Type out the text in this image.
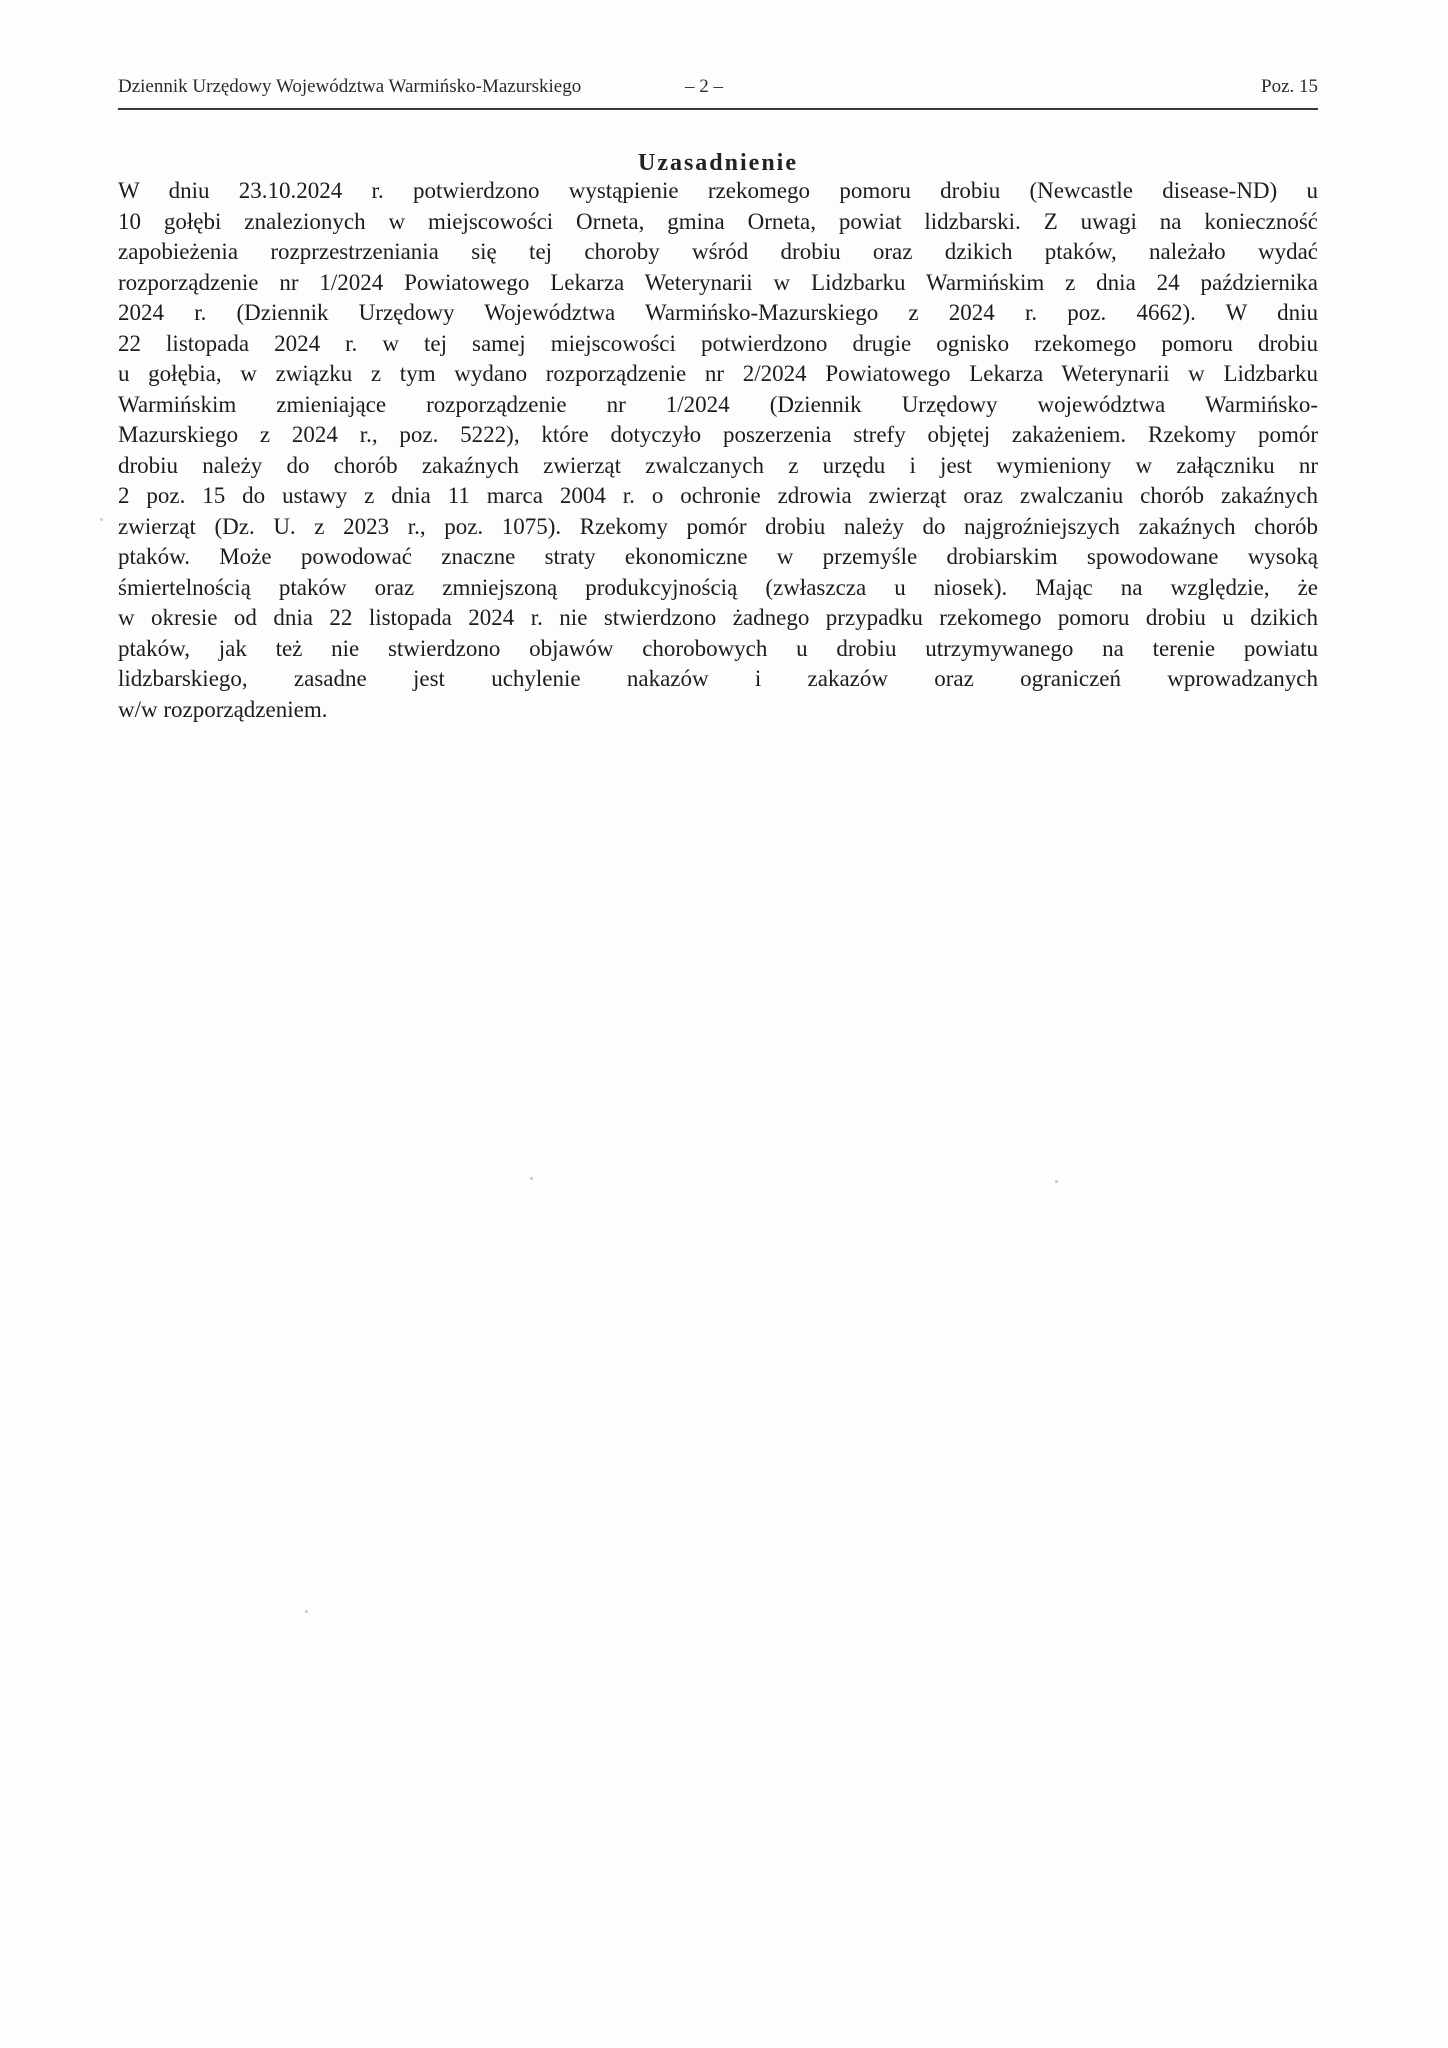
Dziennik Urzędowy Województwa Warmińsko-Mazurskiego	– 2 –	Poz. 15
Uzasadnienie
W dniu 23.10.2024 r. potwierdzono wystąpienie rzekomego pomoru drobiu (Newcastle disease-ND) u
10 gołębi znalezionych w miejscowości Orneta, gmina Orneta, powiat lidzbarski. Z uwagi na konieczność
zapobieżenia rozprzestrzeniania się tej choroby wśród drobiu oraz dzikich ptaków, należało wydać
rozporządzenie nr 1/2024 Powiatowego Lekarza Weterynarii w Lidzbarku Warmińskim z dnia 24 października
2024 r. (Dziennik Urzędowy Województwa Warmińsko-Mazurskiego z 2024 r. poz. 4662). W dniu
22 listopada 2024 r. w tej samej miejscowości potwierdzono drugie ognisko rzekomego pomoru drobiu
u gołębia, w związku z tym wydano rozporządzenie nr 2/2024 Powiatowego Lekarza Weterynarii w Lidzbarku
Warmińskim zmieniające rozporządzenie nr 1/2024 (Dziennik Urzędowy województwa Warmińsko-
Mazurskiego z 2024 r., poz. 5222), które dotyczyło poszerzenia strefy objętej zakażeniem. Rzekomy pomór
drobiu należy do chorób zakaźnych zwierząt zwalczanych z urzędu i jest wymieniony w załączniku nr
2 poz. 15 do ustawy z dnia 11 marca 2004 r. o ochronie zdrowia zwierząt oraz zwalczaniu chorób zakaźnych
zwierząt (Dz. U. z 2023 r., poz. 1075). Rzekomy pomór drobiu należy do najgroźniejszych zakaźnych chorób
ptaków. Może powodować znaczne straty ekonomiczne w przemyśle drobiarskim spowodowane wysoką
śmiertelnością ptaków oraz zmniejszoną produkcyjnością (zwłaszcza u niosek). Mając na względzie, że
w okresie od dnia 22 listopada 2024 r. nie stwierdzono żadnego przypadku rzekomego pomoru drobiu u dzikich
ptaków, jak też nie stwierdzono objawów chorobowych u drobiu utrzymywanego na terenie powiatu
lidzbarskiego, zasadne jest uchylenie nakazów i zakazów oraz ograniczeń wprowadzanych
w/w rozporządzeniem.
